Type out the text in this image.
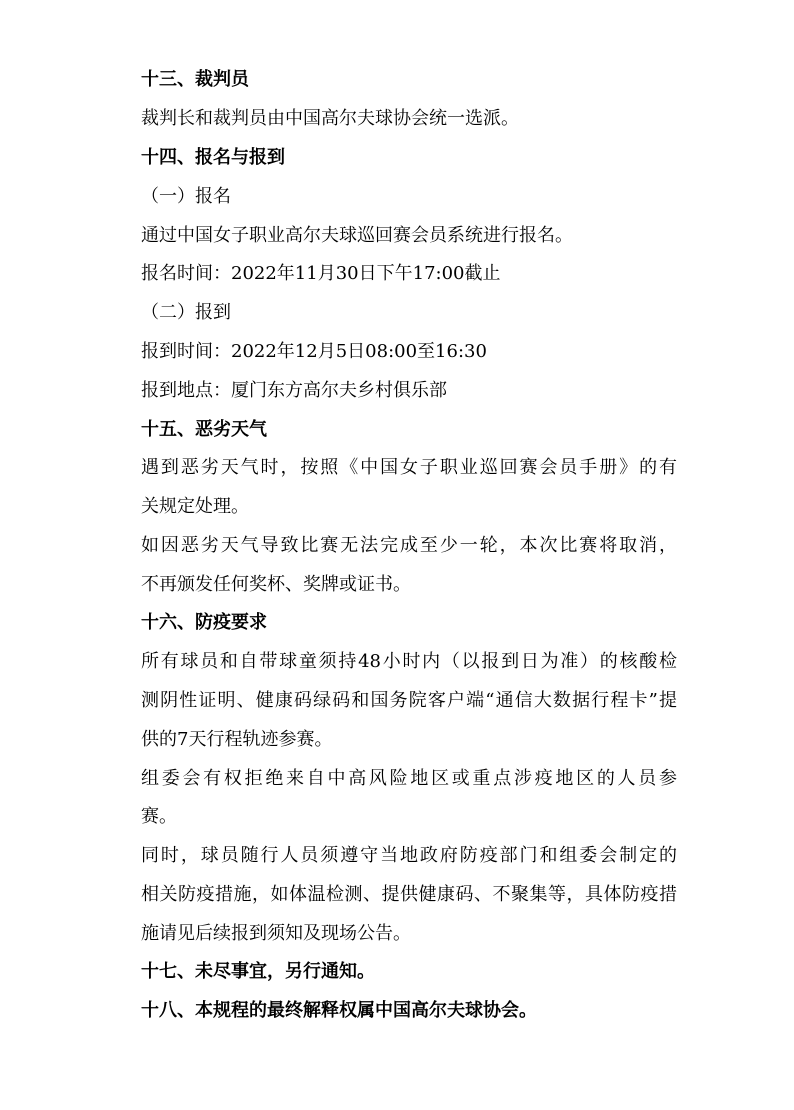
十三、裁判员
裁判长和裁判员由中国高尔夫球协会统一选派。
十四、报名与报到
（一）报名
通过中国女子职业高尔夫球巡回赛会员系统进行报名。
报名时间：2022年11月30日下午17:00截止
（二）报到
报到时间：2022年12月5日08:00至16:30
报到地点：厦门东方高尔夫乡村俱乐部
十五、恶劣天气
遇到恶劣天气时，按照《中国女子职业巡回赛会员手册》的有
关规定处理。
如因恶劣天气导致比赛无法完成至少一轮，本次比赛将取消，
不再颁发任何奖杯、奖牌或证书。
十六、防疫要求
所有球员和自带球童须持48小时内（以报到日为准）的核酸检
测阴性证明、健康码绿码和国务院客户端“通信大数据行程卡”提
供的7天行程轨迹参赛。
组委会有权拒绝来自中高风险地区或重点涉疫地区的人员参
赛。
同时，球员随行人员须遵守当地政府防疫部门和组委会制定的
相关防疫措施，如体温检测、提供健康码、不聚集等，具体防疫措
施请见后续报到须知及现场公告。
十七、未尽事宜，另行通知。
十八、本规程的最终解释权属中国高尔夫球协会。
